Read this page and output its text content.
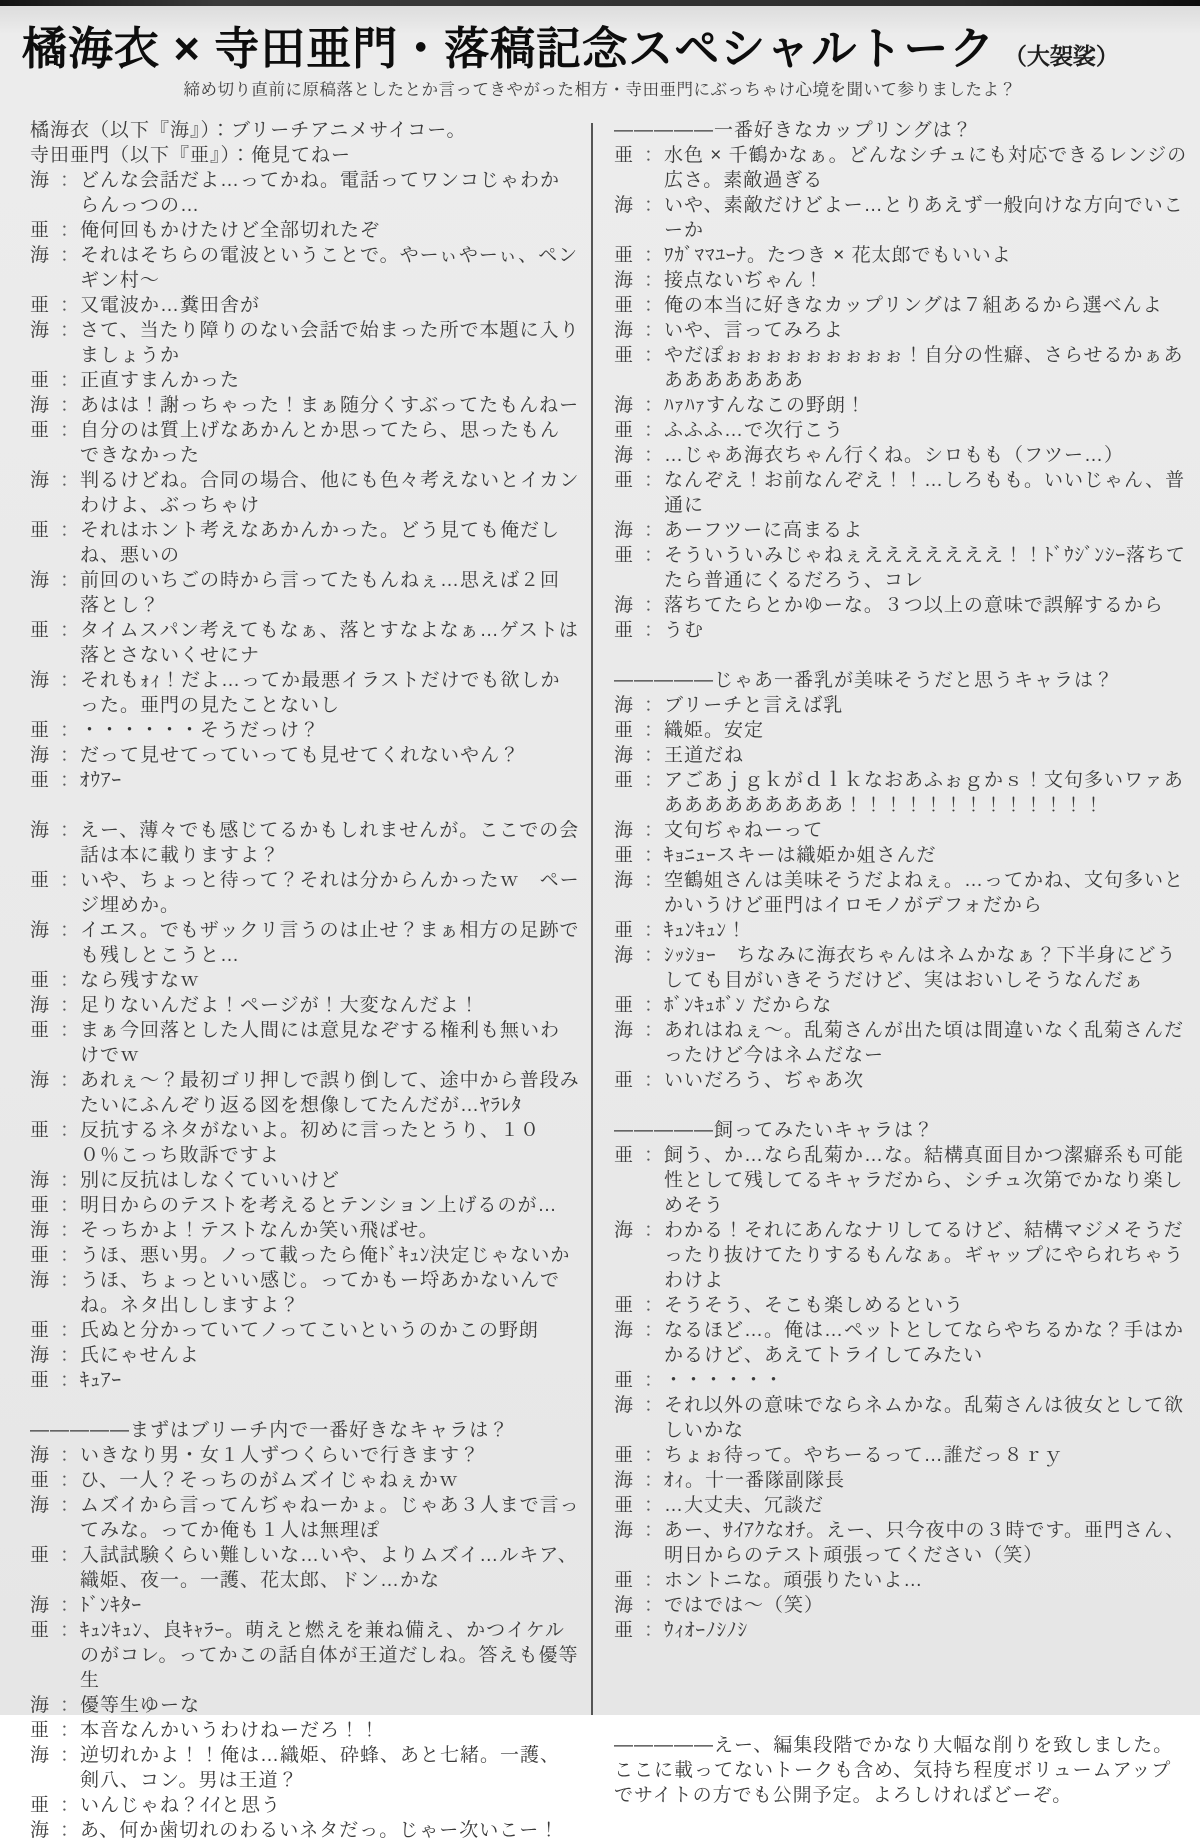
橘海衣 × 寺田亜門・落稿記念スペシャルトーク （大袈裟）
締め切り直前に原稿落としたとか言ってきやがった相方・寺田亜門にぶっちゃけ心境を聞いて参りましたよ？
橘海衣（以下『海』）：ブリーチアニメサイコー。
寺田亜門（以下『亜』）：俺見てねー
海 ： どんな会話だよ…ってかね。電話ってワンコじゃわからんっつの…
亜 ： 俺何回もかけたけど全部切れたぞ
海 ： それはそちらの電波ということで。やーぃやーぃ、ペンギン村～
亜 ： 又電波か…糞田舎が
海 ： さて、当たり障りのない会話で始まった所で本題に入りましょうか
亜 ： 正直すまんかった
海 ： あはは！謝っちゃった！まぁ随分くすぶってたもんねー
亜 ： 自分のは質上げなあかんとか思ってたら、思ったもんできなかった
海 ： 判るけどね。合同の場合、他にも色々考えないとイカンわけよ、ぶっちゃけ
亜 ： それはホント考えなあかんかった。どう見ても俺だしね、悪いの
海 ： 前回のいちごの時から言ってたもんねぇ…思えば２回落とし？
亜 ： タイムスパン考えてもなぁ、落とすなよなぁ…ゲストは落とさないくせにナ
海 ： それもｫｨ！だよ…ってか最悪イラストだけでも欲しかった。亜門の見たことないし
亜 ： ・・・・・・そうだっけ？
海 ： だって見せてっていっても見せてくれないやん？
亜 ： ｵｳｱｰ
海 ： えー、薄々でも感じてるかもしれませんが。ここでの会話は本に載りますよ？
亜 ： いや、ちょっと待って？それは分からんかったｗ　ページ埋めか。
海 ： イエス。でもザックリ言うのは止せ？まぁ相方の足跡でも残しとこうと…
亜 ： なら残すなｗ
海 ： 足りないんだよ！ページが！大変なんだよ！
亜 ： まぁ今回落とした人間には意見なぞする権利も無いわけでｗ
海 ： あれぇ～？最初ゴリ押しで誤り倒して、途中から普段みたいにふんぞり返る図を想像してたんだが…ﾔﾗﾚﾀ
亜 ： 反抗するネタがないよ。初めに言ったとうり、１００％こっち敗訴ですよ
海 ： 別に反抗はしなくていいけど
亜 ： 明日からのテストを考えるとテンション上げるのが…
海 ： そっちかよ！テストなんか笑い飛ばせ。
亜 ： うほ、悪い男。ノって載ったら俺ﾄﾞｷｭﾝ決定じゃないか
海 ： うほ、ちょっといい感じ。ってかもー埒あかないんでね。ネタ出ししますよ？
亜 ： 氏ぬと分かっていてノってこいというのかこの野朗
海 ： 氏にゃせんよ
亜 ： ｷｭｱｰ
―――――まずはブリーチ内で一番好きなキャラは？
海 ： いきなり男・女１人ずつくらいで行きます？
亜 ： ひ、一人？そっちのがムズイじゃねぇかｗ
海 ： ムズイから言ってんぢゃねーかょ。じゃあ３人まで言ってみな。ってか俺も１人は無理ぽ
亜 ： 入試試験くらい難しいな…いや、よりムズイ…ルキア、織姫、夜一。一護、花太郎、ドン…かな
海 ： ﾄﾞﾝｷﾀｰ
亜 ： ｷｭﾝｷｭﾝ、良ｷｬﾗｰ。萌えと燃えを兼ね備え、かつイケルのがコレ。ってかこの話自体が王道だしね。答えも優等生
海 ： 優等生ゆーな
亜 ： 本音なんかいうわけねーだろ！！
海 ： 逆切れかよ！！俺は…織姫、砕蜂、あと七緒。一護、剣八、コン。男は王道？
亜 ： いんじゃね？ｲｲと思う
海 ： あ、何か歯切れのわるいネタだっ。じゃー次いこー！
―――――一番好きなカップリングは？
亜 ： 水色 × 千鶴かなぁ。どんなシチュにも対応できるレンジの広さ。素敵過ぎる
海 ： いや、素敵だけどよー…とりあえず一般向けな方向でいこーか
亜 ： ﾜｶﾞﾏﾏﾕｰﾅ。たつき × 花太郎でもいいよ
海 ： 接点ないぢゃん！
亜 ： 俺の本当に好きなカップリングは７組あるから選べんよ
海 ： いや、言ってみろよ
亜 ： やだぽぉぉぉぉぉぉぉぉぉ！自分の性癖、さらせるかぁああああああああ
海 ： ﾊｧﾊｧすんなこの野朗！
亜 ： ふふふ…で次行こう
海 ： …じゃあ海衣ちゃん行くね。シロもも（フツー…）
亜 ： なんぞえ！お前なんぞえ！！…しろもも。いいじゃん、普通に
海 ： あーフツーに高まるよ
亜 ： そういういみじゃねぇえええええええ！！ﾄﾞｳｼﾞﾝｼｰ落ちてたら普通にくるだろう、コレ
海 ： 落ちてたらとかゆーな。３つ以上の意味で誤解するから
亜 ： うむ
―――――じゃあ一番乳が美味そうだと思うキャラは？
海 ： ブリーチと言えば乳
亜 ： 織姫。安定
海 ： 王道だね
亜 ： アごあｊｇｋがｄｌｋなおあふぉｇかｓ！文句多いワァああああああああああ！！！！！！！！！！！！！
海 ： 文句ぢゃねーって
亜 ： ｷｮﾆｭｰスキーは織姫か姐さんだ
海 ： 空鶴姐さんは美味そうだよねぇ。…ってかね、文句多いとかいうけど亜門はイロモノがデフォだから
亜 ： ｷｭﾝｷｭﾝ！
海 ： ｼｯｼｮｰ　ちなみに海衣ちゃんはネムかなぁ？下半身にどうしても目がいきそうだけど、実はおいしそうなんだぁ
亜 ： ﾎﾞﾝｷｭﾎﾞﾝ だからな
海 ： あれはねぇ～。乱菊さんが出た頃は間違いなく乱菊さんだったけど今はネムだなー
亜 ： いいだろう、ぢゃあ次
―――――飼ってみたいキャラは？
亜 ： 飼う、か…なら乱菊か…な。結構真面目かつ潔癖系も可能性として残してるキャラだから、シチュ次第でかなり楽しめそう
海 ： わかる！それにあんなナリしてるけど、結構マジメそうだったり抜けてたりするもんなぁ。ギャップにやられちゃうわけよ
亜 ： そうそう、そこも楽しめるという
海 ： なるほど…。俺は…ペットとしてならやちるかな？手はかかるけど、あえてトライしてみたい
亜 ： ・・・・・・
海 ： それ以外の意味でならネムかな。乱菊さんは彼女として欲しいかな
亜 ： ちょぉ待って。やちーるって…誰だっ８ｒｙ
海 ： ｵｨ。十一番隊副隊長
亜 ： …大丈夫、冗談だ
海 ： あー、ｻｲｱｸなｵﾁ。えー、只今夜中の３時です。亜門さん、明日からのテスト頑張ってください（笑）
亜 ： ホントニな。頑張りたいよ…
海 ： ではでは～（笑）
亜 ： ｳｨｵｰﾉｼﾉｼ
―――――えー、編集段階でかなり大幅な削りを致しました。ここに載ってないトークも含め、気持ち程度ボリュームアップでサイトの方でも公開予定。よろしければどーぞ。
